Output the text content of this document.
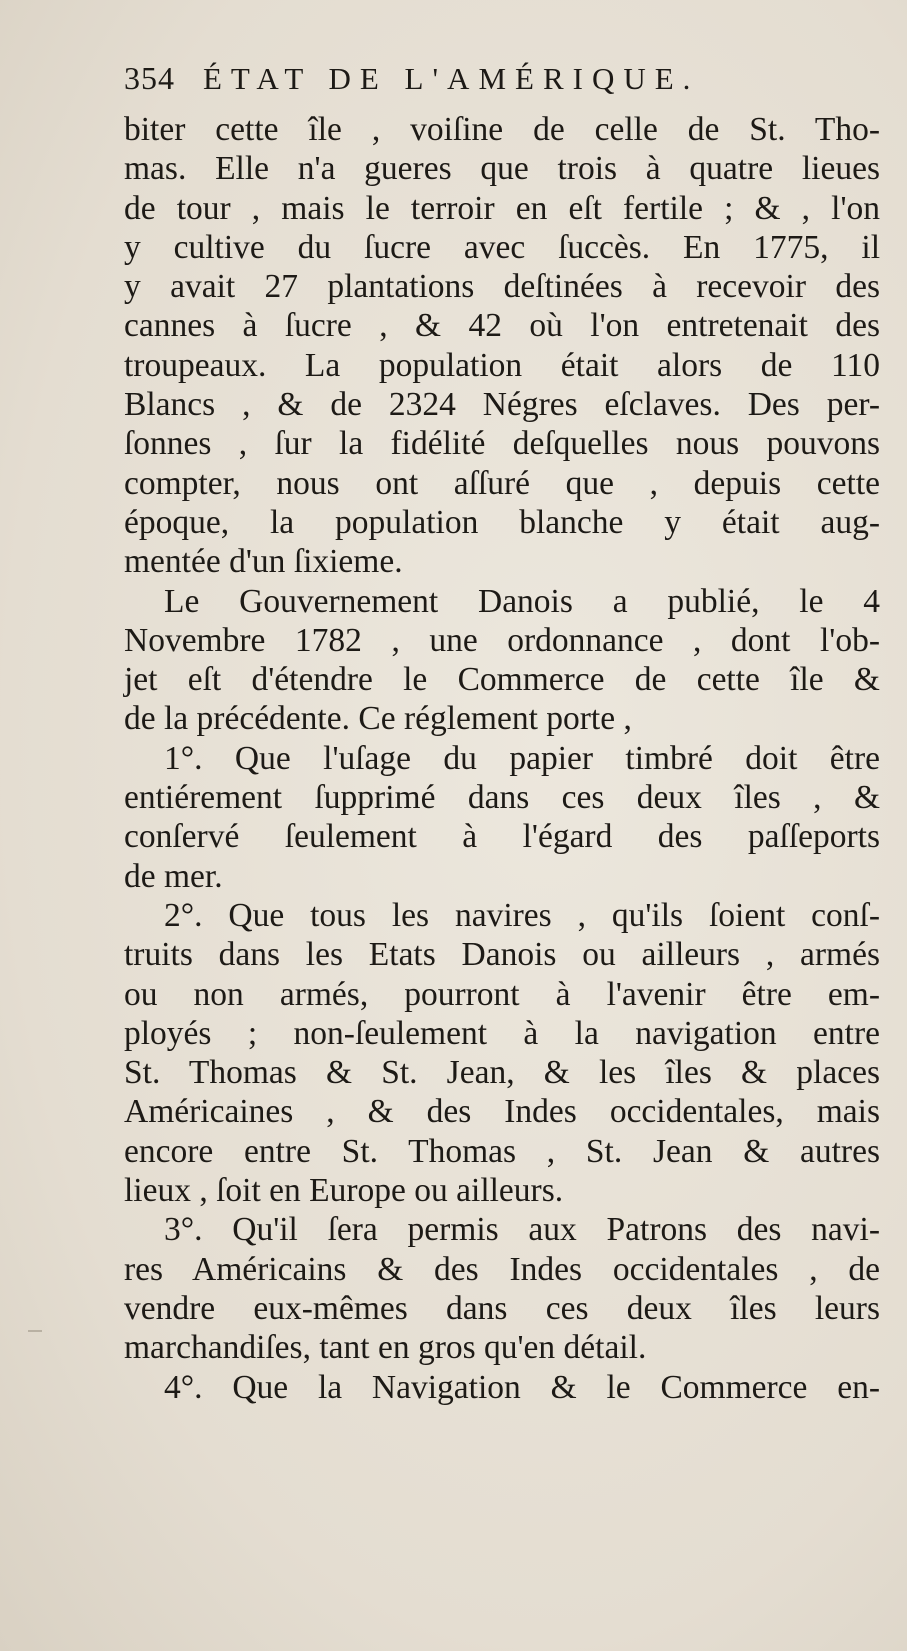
354 ÉTAT DE L'AMÉRIQUE.
biter cette île , voiſine de celle de St. Tho-
mas. Elle n'a gueres que trois à quatre lieues
de tour , mais le terroir en eſt fertile ; & , l'on
y cultive du ſucre avec ſuccès. En 1775, il
y avait 27 plantations deſtinées à recevoir des
cannes à ſucre , & 42 où l'on entretenait des
troupeaux. La population était alors de 110
Blancs , & de 2324 Négres eſclaves. Des per-
ſonnes , ſur la fidélité deſquelles nous pouvons
compter, nous ont aſſuré que , depuis cette
époque, la population blanche y était aug-
mentée d'un ſixieme.
Le Gouvernement Danois a publié, le 4
Novembre 1782 , une ordonnance , dont l'ob-
jet eſt d'étendre le Commerce de cette île &
de la précédente. Ce réglement porte ,
1°. Que l'uſage du papier timbré doit être
entiérement ſupprimé dans ces deux îles , &
conſervé ſeulement à l'égard des paſſeports
de mer.
2°. Que tous les navires , qu'ils ſoient conſ-
truits dans les Etats Danois ou ailleurs , armés
ou non armés, pourront à l'avenir être em-
ployés ; non-ſeulement à la navigation entre
St. Thomas & St. Jean, & les îles & places
Américaines , & des Indes occidentales, mais
encore entre St. Thomas , St. Jean & autres
lieux , ſoit en Europe ou ailleurs.
3°. Qu'il ſera permis aux Patrons des navi-
res Américains & des Indes occidentales , de
vendre eux-mêmes dans ces deux îles leurs
marchandiſes, tant en gros qu'en détail.
4°. Que la Navigation & le Commerce en-
